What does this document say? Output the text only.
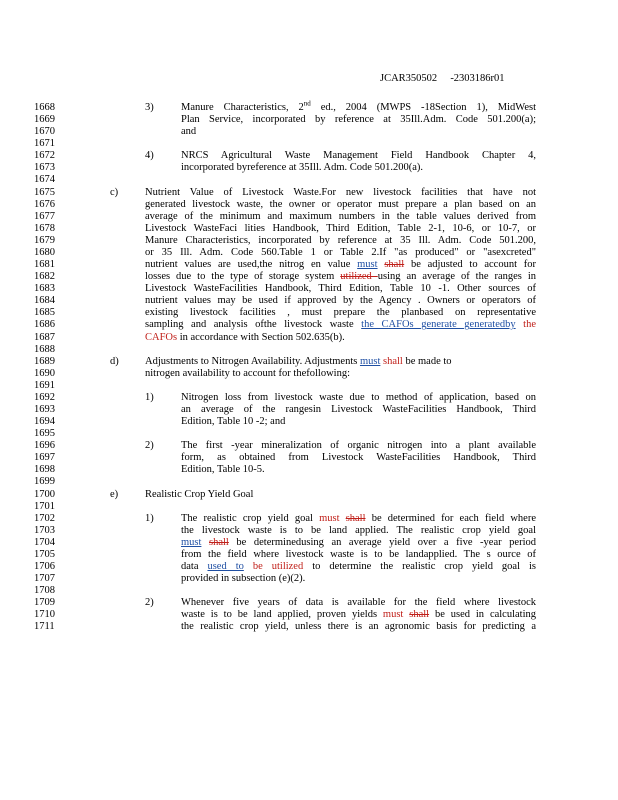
JCAR350502 -2303186r01
1668	3)	Manure Characteristics, 2nd ed., 2004 (MWPS -18Section 1), MidWest
1669	Plan Service, incorporated by reference at 35Ill.Adm. Code 501.200(a);
1670	and
1671
1672	4)	NRCS Agricultural Waste Management Field Handbook Chapter 4,
1673	incorporated byreference at 35Ill. Adm. Code 501.200(a).
1674
1675	c)	Nutrient Value of Livestock Waste.For new livestock facilities that have not
1676	generated livestock waste, the owner or operator must prepare a plan based on an
1677	average of the minimum and maximum numbers in the table values derived from
1678	Livestock WasteFaci lities Handbook, Third Edition, Table 2-1, 10-6, or 10-7, or
1679	Manure Characteristics, incorporated by reference at 35 Ill. Adm. Code 501.200,
1680	or 35 Ill. Adm. Code 560.Table 1 or Table 2.If "as produced" or "asexcreted"
1681	nutrient values are used,the nitrog en value must shall be adjusted to account for
1682	losses due to the type of storage system utilized using an average of the ranges in
1683	Livestock WasteFacilities Handbook, Third Edition, Table 10 -1. Other sources of
1684	nutrient values may be used if approved by the Agency . Owners or operators of
1685	existing livestock facilities , must prepare the planbased on representative
1686	sampling and analysis ofthe livestock waste the CAFOs generate generatedby the
1687	CAFOs in accordance with Section 502.635(b).
1688
1689	d)	Adjustments to Nitrogen Availability. Adjustments must shall be made to
1690	nitrogen availability to account for thefollowing:
1691
1692	1)	Nitrogen loss from livestock waste due to method of application, based on
1693	an average of the rangesin Livestock WasteFacilities Handbook, Third
1694	Edition, Table 10 -2; and
1695
1696	2)	The first -year mineralization of organic nitrogen into a plant available
1697	form, as obtained from Livestock WasteFacilities Handbook, Third
1698	Edition, Table 10-5.
1699
1700	e)	Realistic Crop Yield Goal
1701
1702	1)	The realistic crop yield goal must shall be determined for each field where
1703	the livestock waste is to be land applied. The realistic crop yield goal
1704	must shall be determinedusing an average yield over a five -year period
1705	from the field where livestock waste is to be landapplied. The s ource of
1706	data used to be utilized to determine the realistic crop yield goal is
1707	provided in subsection (e)(2).
1708
1709	2)	Whenever five years of data is available for the field where livestock
1710	waste is to be land applied, proven yields must shall be used in calculating
1711	the realistic crop yield, unless there is an agronomic basis for predicting a
